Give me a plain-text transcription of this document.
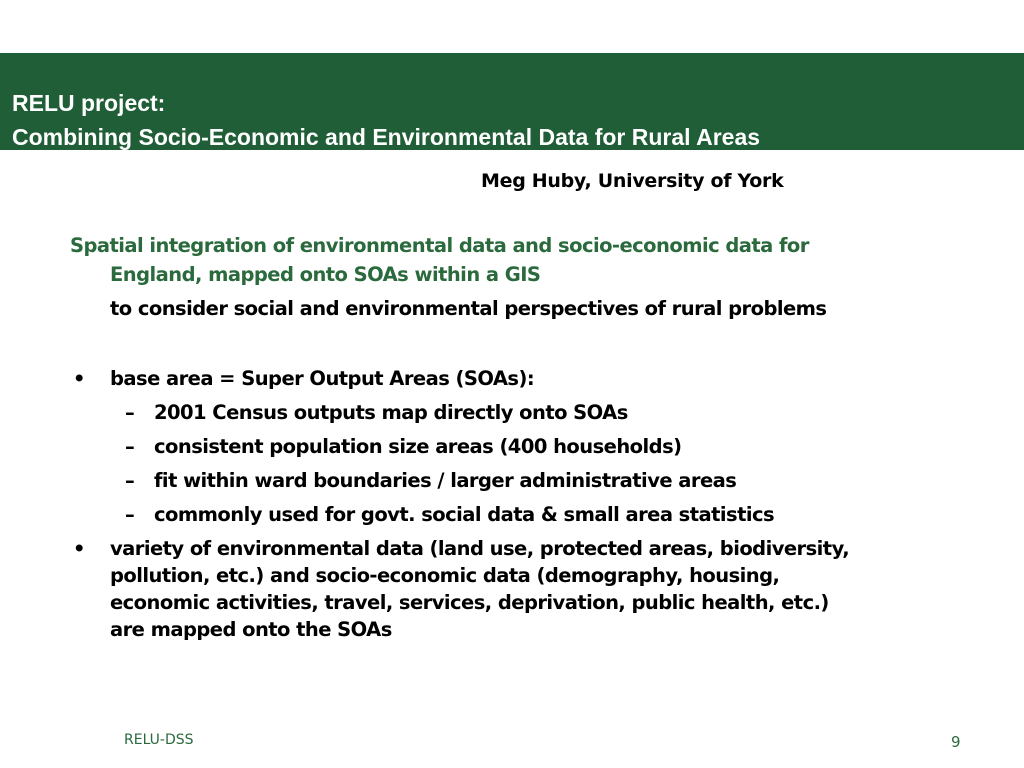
RELU project:
Combining Socio-Economic and Environmental Data for Rural Areas
Meg Huby, University of York
Spatial integration of environmental data and socio-economic data for
England, mapped onto SOAs within a GIS
to consider social and environmental perspectives of rural problems
• base area = Super Output Areas (SOAs):
– 2001 Census outputs map directly onto SOAs
– consistent population size areas (400 households)
– fit within ward boundaries / larger administrative areas
– commonly used for govt. social data & small area statistics
• variety of environmental data (land use, protected areas, biodiversity,
pollution, etc.) and socio-economic data (demography, housing,
economic activities, travel, services, deprivation, public health, etc.)
are mapped onto the SOAs
RELU-DSS	9
